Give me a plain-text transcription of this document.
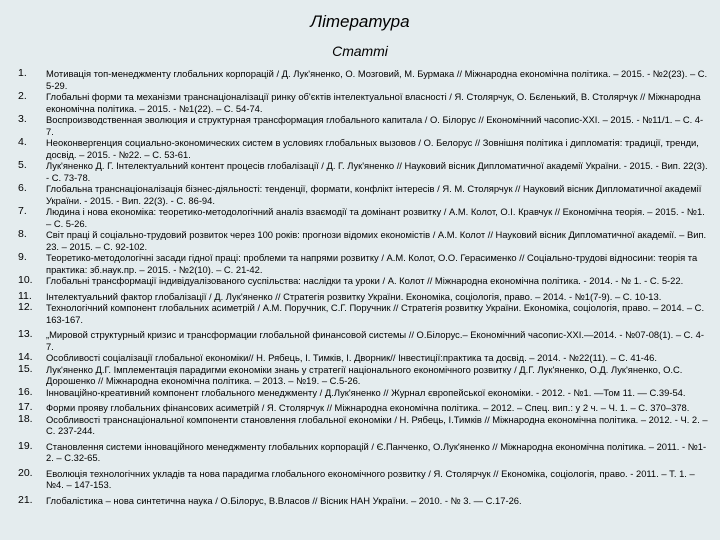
Література
Статті
1.	Мотивація топ-менеджменту глобальних корпорацій / Д. Лук'яненко, О. Мозговий, М. Бурмака // Міжнародна економічна політика. – 2015. - №2(23). – С. 5-29.
2.	Глобальні форми та механізми транснаціоналізації ринку об'єктів інтелектуальної власності / Я. Столярчук, О. Бєленький, В. Столярчук // Міжнародна економічна політика. – 2015. - №1(22). – С. 54-74.
3.	Воспроизводственная эволюция и структурная трансформация глобального капитала / О. Білорус // Економічний часопис-XXI. – 2015. - №11/1. – С. 4-7.
4.	Неоконвергенция социально-экономических систем в условиях глобальных вызовов / О. Белорус // Зовнішня політика і дипломатія: традиції, тренди, досвід. – 2015. - №22. – С. 53-61.
5.	Лук'яненко Д. Г. Інтелектуальний контент процесів глобалізації / Д. Г. Лук'яненко // Науковий вісник Дипломатичної академії України. - 2015. - Вип. 22(3). - С. 73-78.
6.	Глобальна транснаціоналізація бізнес-діяльності: тенденції, формати, конфлікт інтересів / Я. М. Столярчук // Науковий вісник Дипломатичної академії України. - 2015. - Вип. 22(3). - С. 86-94.
7.	Людина і нова економіка: теоретико-методологічний аналіз взаємодії та домінант розвитку / А.М. Колот, О.І. Кравчук // Економічна теорія. – 2015. - №1. – С. 5-26.
8.	Світ праці й соціально-трудовий розвиток через 100 років: прогнози відомих економістів / А.М. Колот // Науковий вісник Дипломатичної академії. – Вип. 23. – 2015. – С. 92-102.
9.	Теоретико-методологічні засади гідної праці: проблеми та напрями розвитку / А.М. Колот, О.О. Герасименко // Соціально-трудові відносини: теорія та практика: зб.наук.пр. – 2015. - №2(10). – С. 21-42.
10.	Глобальні трансформації індивідуалізованого суспільства: наслідки та уроки / А. Колот // Міжнародна економічна політика. - 2014. - № 1. - С. 5-22.
11.	Інтелектуальний фактор глобалізації / Д. Лук'яненко // Стратегія розвитку України. Економіка, соціологія, право. – 2014. - №1(7-9). – С. 10-13.
12.	Технологічний компонент глобальних асиметрій / А.М. Поручник, С.Г. Поручник // Стратегія розвитку України. Економіка, соціологія, право. – 2014. – С. 163-167.
13.	„Мировой структурный кризис и трансформации глобальной финансовой системы // О.Білорус.– Економічний часопис-XXI.—2014. - №07-08(1). – С. 4-7.
14.	Особливості соціалізації глобальної економіки// Н. Рябець, І. Тимків, І. Дворник// Інвестиції:практика та досвід. – 2014. - №22(11). – С. 41-46.
15.	Лук'яненко Д.Г. Імплементація парадигми економіки знань у стратегії національного економічного розвитку / Д.Г. Лук'яненко, О.Д. Лук'яненко, О.С. Дорошенко // Міжнародна економічна політика. – 2013. – №19. – С.5-26.
16.	Інноваційно-креативний компонент глобального менеджменту / Д.Лук'яненко // Журнал європейської економіки. - 2012. - №1. —Том 11. — С.39-54.
17.	Форми прояву глобальних фінансових асиметрій / Я. Столярчук // Міжнародна економічна політика. – 2012. – Спец. вип.: у 2 ч. – Ч. 1. – С. 370–378.
18.	Особливості транснаціональної компоненти становлення глобальної економіки / Н. Рябець, І.Тимків // Міжнародна економічна політика. – 2012. - Ч. 2. – С. 237-244.
19.	Становлення системи інноваційного менеджменту глобальних корпорацій / Є.Панченко, О.Лук'яненко // Міжнародна економічна політика. – 2011. - №1-2. – С.32-65.
20.	Еволюція технологічних укладів та нова парадигма глобального економічного розвитку / Я. Столярчук // Економіка, соціологія, право. - 2011. – Т. 1. – №4. – 147-153.
21.	Глобалістика – нова синтетична наука / О.Білорус, В.Власов // Вісник НАН України. – 2010. - № 3. — С.17-26.
